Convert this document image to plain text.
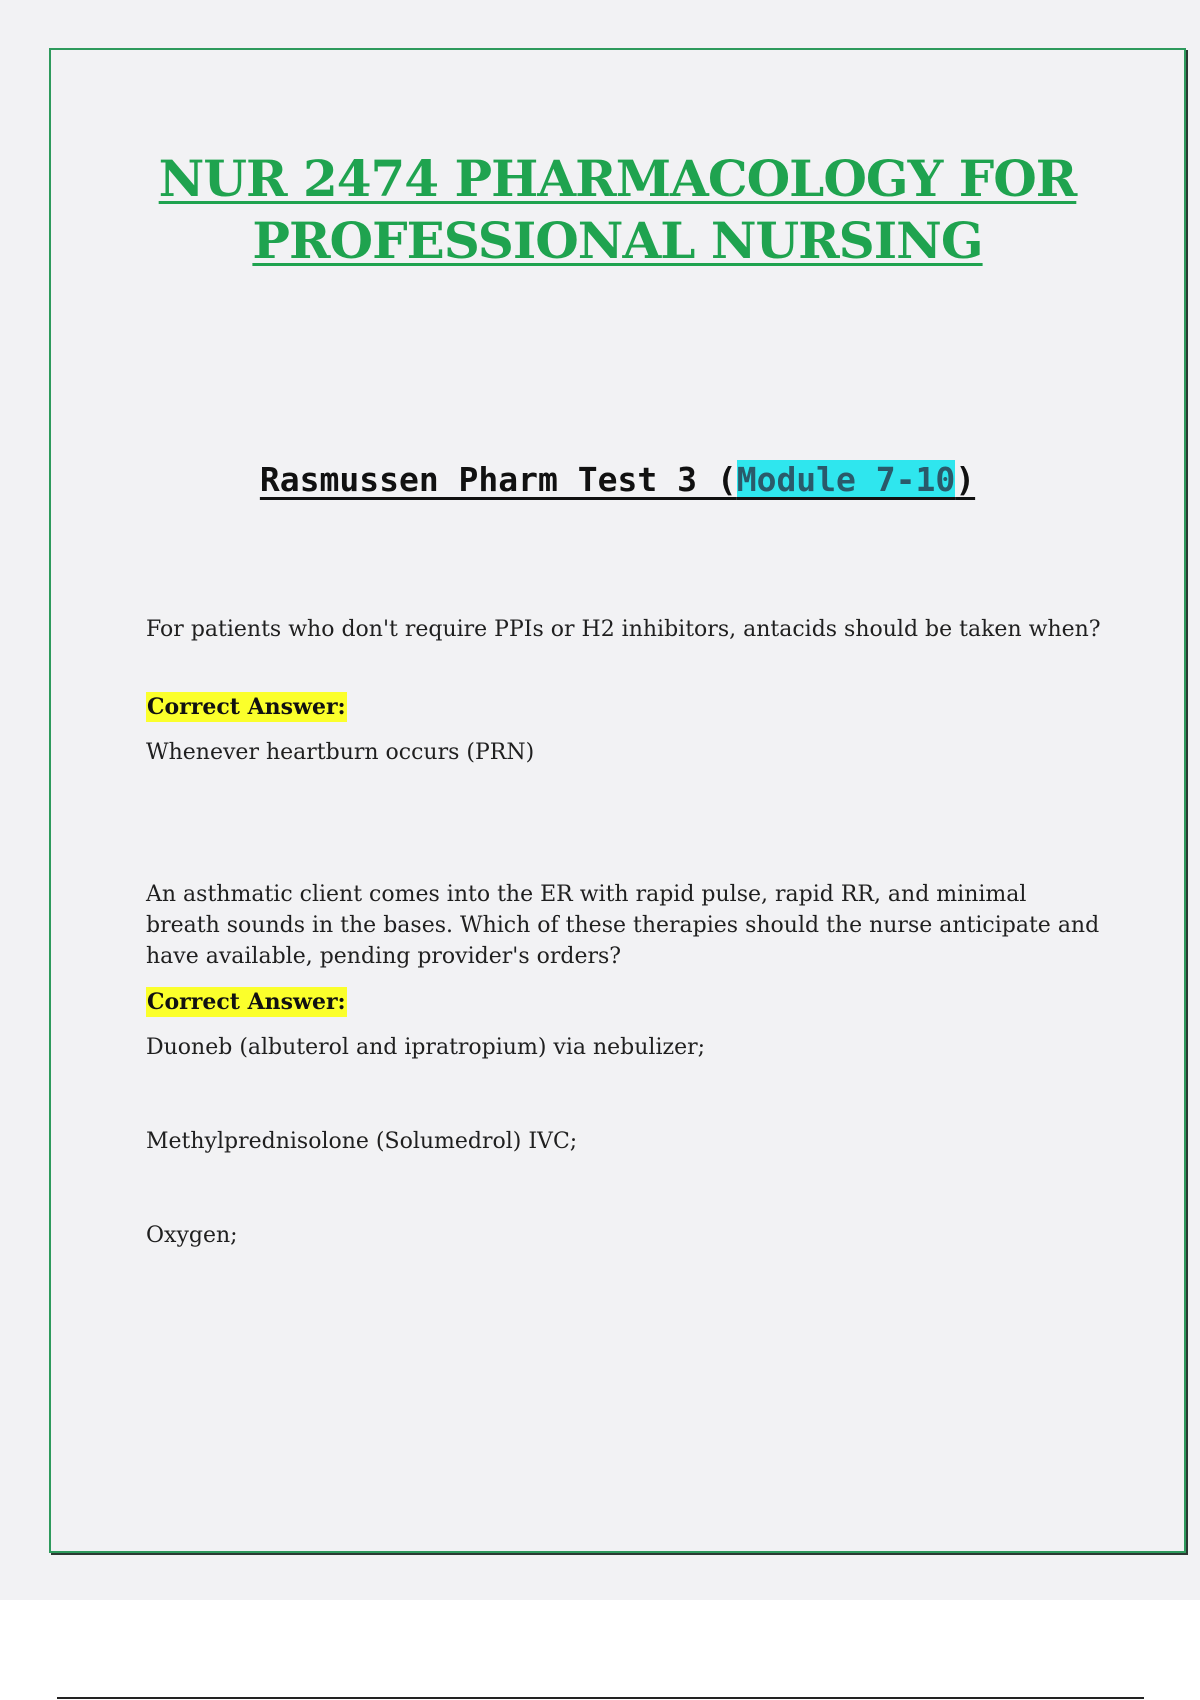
NUR 2474 PHARMACOLOGY FOR
PROFESSIONAL NURSING
Rasmussen Pharm Test 3 (Module 7-10)
For patients who don't require PPIs or H2 inhibitors, antacids should be taken when?
Correct Answer:
Whenever heartburn occurs (PRN)
An asthmatic client comes into the ER with rapid pulse, rapid RR, and minimal breath sounds in the bases. Which of these therapies should the nurse anticipate and have available, pending provider's orders?
Correct Answer:
Duoneb (albuterol and ipratropium) via nebulizer;
Methylprednisolone (Solumedrol) IVC;
Oxygen;
